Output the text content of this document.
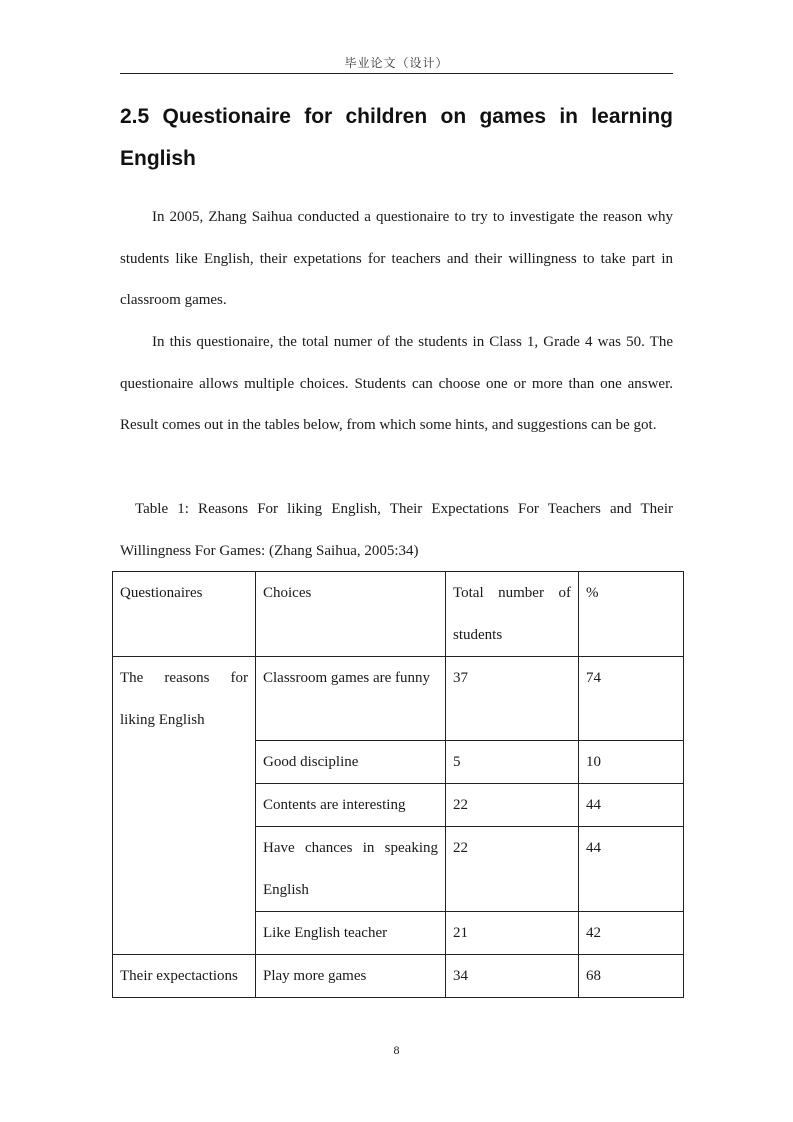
毕业论文（设计）
2.5 Questionaire for children on games in learning
English
In 2005, Zhang Saihua conducted a questionaire to try to investigate the reason why students like English, their expetations for teachers and their willingness to take part in classroom games.
In this questionaire, the total numer of the students in Class 1, Grade 4 was 50. The questionaire allows multiple choices. Students can choose one or more than one answer. Result comes out in the tables below, from which some hints, and suggestions can be got.
Table 1: Reasons For liking English, Their Expectations For Teachers and Their
Willingness For Games: (Zhang Saihua, 2005:34)
Questionaires	Choices	Total number of students	%

The reasons for liking English	Classroom games are funny	37	74

	Good discipline	5	10

	Contents are interesting	22	44

	Have chances in speaking English	22	44

	Like English teacher	21	42

Their expectactions	Play more games	34	68
8
